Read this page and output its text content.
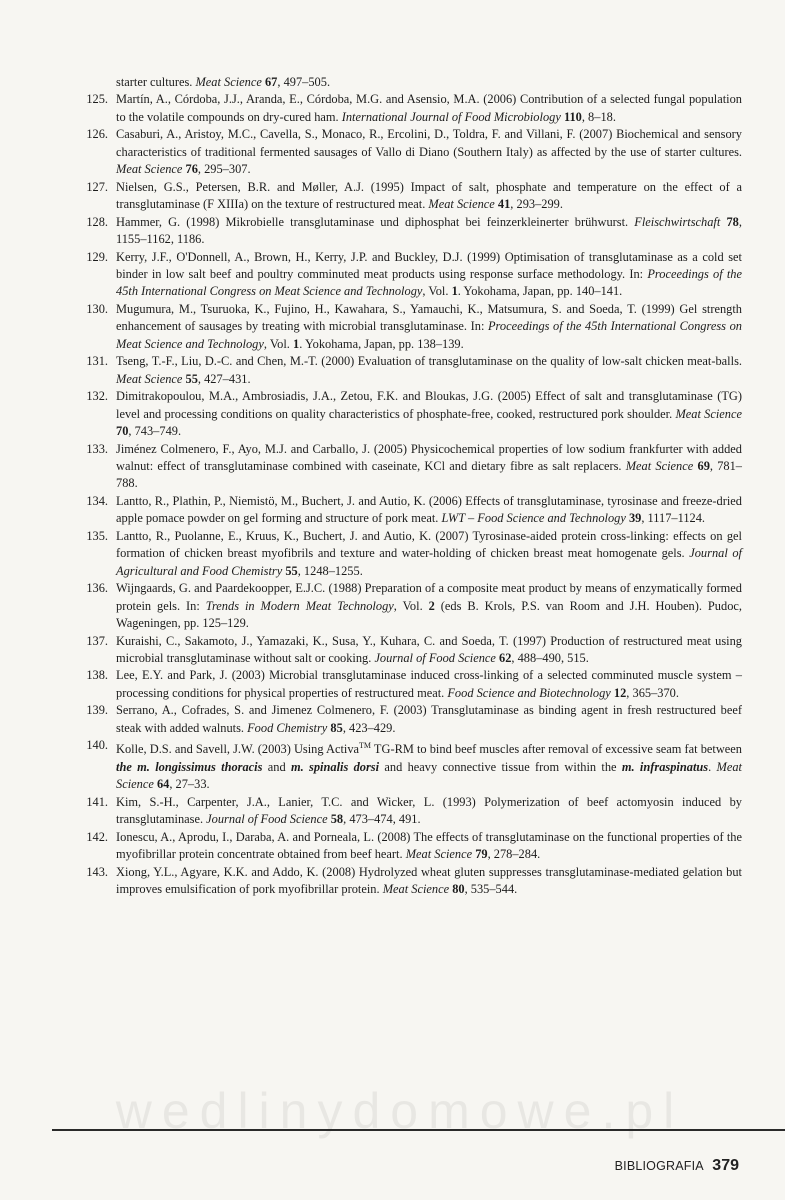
starter cultures. Meat Science 67, 497–505.
125. Martín, A., Córdoba, J.J., Aranda, E., Córdoba, M.G. and Asensio, M.A. (2006) Contribution of a selected fungal population to the volatile compounds on dry-cured ham. International Journal of Food Microbiology 110, 8–18.
126. Casaburi, A., Aristoy, M.C., Cavella, S., Monaco, R., Ercolini, D., Toldra, F. and Villani, F. (2007) Biochemical and sensory characteristics of traditional fermented sausages of Vallo di Diano (Southern Italy) as affected by the use of starter cultures. Meat Science 76, 295–307.
127. Nielsen, G.S., Petersen, B.R. and Møller, A.J. (1995) Impact of salt, phosphate and temperature on the effect of a transglutaminase (F XIIIa) on the texture of restructured meat. Meat Science 41, 293–299.
128. Hammer, G. (1998) Mikrobielle transglutaminase und diphosphat bei feinzerkleinerter brühwurst. Fleischwirtschaft 78, 1155–1162, 1186.
129. Kerry, J.F., O'Donnell, A., Brown, H., Kerry, J.P. and Buckley, D.J. (1999) Optimisation of transglutaminase as a cold set binder in low salt beef and poultry comminuted meat products using response surface methodology. In: Proceedings of the 45th International Congress on Meat Science and Technology, Vol. 1. Yokohama, Japan, pp. 140–141.
130. Mugumura, M., Tsuruoka, K., Fujino, H., Kawahara, S., Yamauchi, K., Matsumura, S. and Soeda, T. (1999) Gel strength enhancement of sausages by treating with microbial transglutaminase. In: Proceedings of the 45th International Congress on Meat Science and Technology, Vol. 1. Yokohama, Japan, pp. 138–139.
131. Tseng, T.-F., Liu, D.-C. and Chen, M.-T. (2000) Evaluation of transglutaminase on the quality of low-salt chicken meat-balls. Meat Science 55, 427–431.
132. Dimitrakopoulou, M.A., Ambrosiadis, J.A., Zetou, F.K. and Bloukas, J.G. (2005) Effect of salt and transglutaminase (TG) level and processing conditions on quality characteristics of phosphate-free, cooked, restructured pork shoulder. Meat Science 70, 743–749.
133. Jiménez Colmenero, F., Ayo, M.J. and Carballo, J. (2005) Physicochemical properties of low sodium frankfurter with added walnut: effect of transglutaminase combined with caseinate, KCl and dietary fibre as salt replacers. Meat Science 69, 781–788.
134. Lantto, R., Plathin, P., Niemistö, M., Buchert, J. and Autio, K. (2006) Effects of transglutaminase, tyrosinase and freeze-dried apple pomace powder on gel forming and structure of pork meat. LWT – Food Science and Technology 39, 1117–1124.
135. Lantto, R., Puolanne, E., Kruus, K., Buchert, J. and Autio, K. (2007) Tyrosinase-aided protein cross-linking: effects on gel formation of chicken breast myofibrils and texture and water-holding of chicken breast meat homogenate gels. Journal of Agricultural and Food Chemistry 55, 1248–1255.
136. Wijngaards, G. and Paardekoopper, E.J.C. (1988) Preparation of a composite meat product by means of enzymatically formed protein gels. In: Trends in Modern Meat Technology, Vol. 2 (eds B. Krols, P.S. van Room and J.H. Houben). Pudoc, Wageningen, pp. 125–129.
137. Kuraishi, C., Sakamoto, J., Yamazaki, K., Susa, Y., Kuhara, C. and Soeda, T. (1997) Production of restructured meat using microbial transglutaminase without salt or cooking. Journal of Food Science 62, 488–490, 515.
138. Lee, E.Y. and Park, J. (2003) Microbial transglutaminase induced cross-linking of a selected comminuted muscle system – processing conditions for physical properties of restructured meat. Food Science and Biotechnology 12, 365–370.
139. Serrano, A., Cofrades, S. and Jimenez Colmenero, F. (2003) Transglutaminase as binding agent in fresh restructured beef steak with added walnuts. Food Chemistry 85, 423–429.
140. Kolle, D.S. and Savell, J.W. (2003) Using Activa™ TG-RM to bind beef muscles after removal of excessive seam fat between the m. longissimus thoracis and m. spinalis dorsi and heavy connective tissue from within the m. infraspinatus. Meat Science 64, 27–33.
141. Kim, S.-H., Carpenter, J.A., Lanier, T.C. and Wicker, L. (1993) Polymerization of beef actomyosin induced by transglutaminase. Journal of Food Science 58, 473–474, 491.
142. Ionescu, A., Aprodu, I., Daraba, A. and Porneala, L. (2008) The effects of transglutaminase on the functional properties of the myofibrillar protein concentrate obtained from beef heart. Meat Science 79, 278–284.
143. Xiong, Y.L., Agyare, K.K. and Addo, K. (2008) Hydrolyzed wheat gluten suppresses transglutaminase-mediated gelation but improves emulsification of pork myofibrillar protein. Meat Science 80, 535–544.
wedlinydomowe.pl
BIBLIOGRAFIA 379
